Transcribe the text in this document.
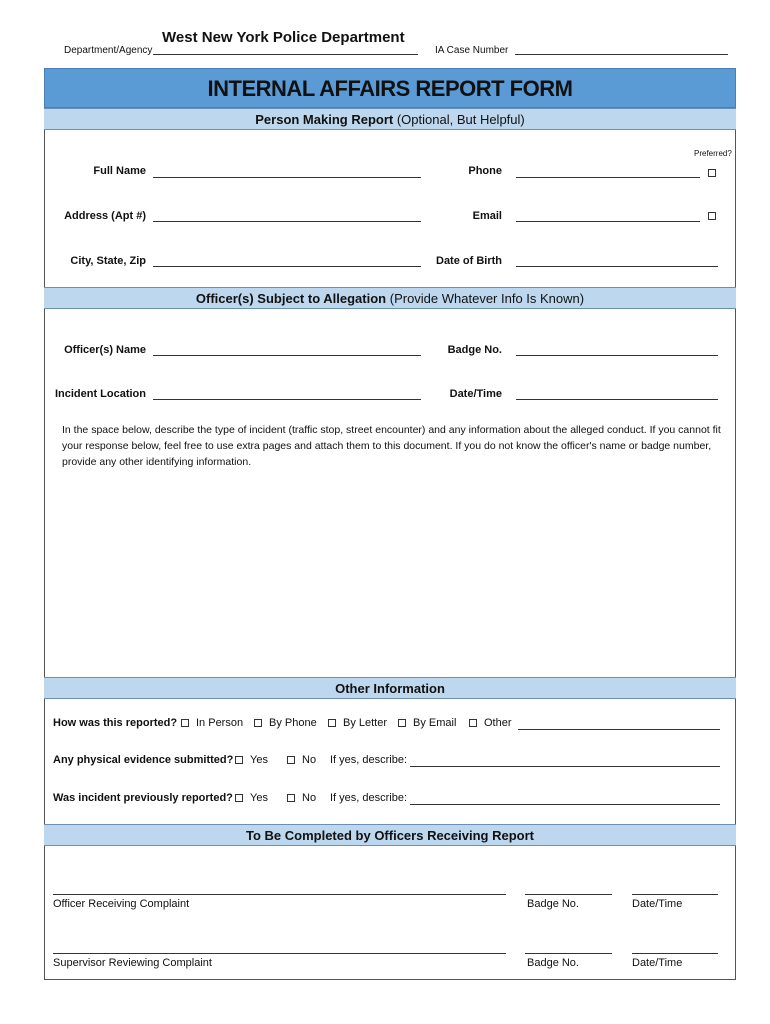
West New York Police Department
Department/Agency	IA Case Number
INTERNAL AFFAIRS REPORT FORM
Person Making Report (Optional, But Helpful)
Preferred?
Full Name	Phone
Address (Apt #)	Email
City, State, Zip	Date of Birth
Officer(s) Subject to Allegation (Provide Whatever Info Is Known)
Officer(s) Name	Badge No.
Incident Location	Date/Time
In the space below, describe the type of incident (traffic stop, street encounter) and any information about the alleged conduct. If you cannot fit your response below, feel free to use extra pages and attach them to this document. If you do not know the officer's name or badge number, provide any other identifying information.
Other Information
How was this reported? In Person By Phone By Letter By Email	Other
Any physical evidence submitted? Yes	No If yes, describe:
Was incident previously reported? Yes	No If yes, describe:
To Be Completed by Officers Receiving Report
Officer Receiving Complaint	Badge No.	Date/Time
Supervisor Reviewing Complaint	Badge No.	Date/Time
